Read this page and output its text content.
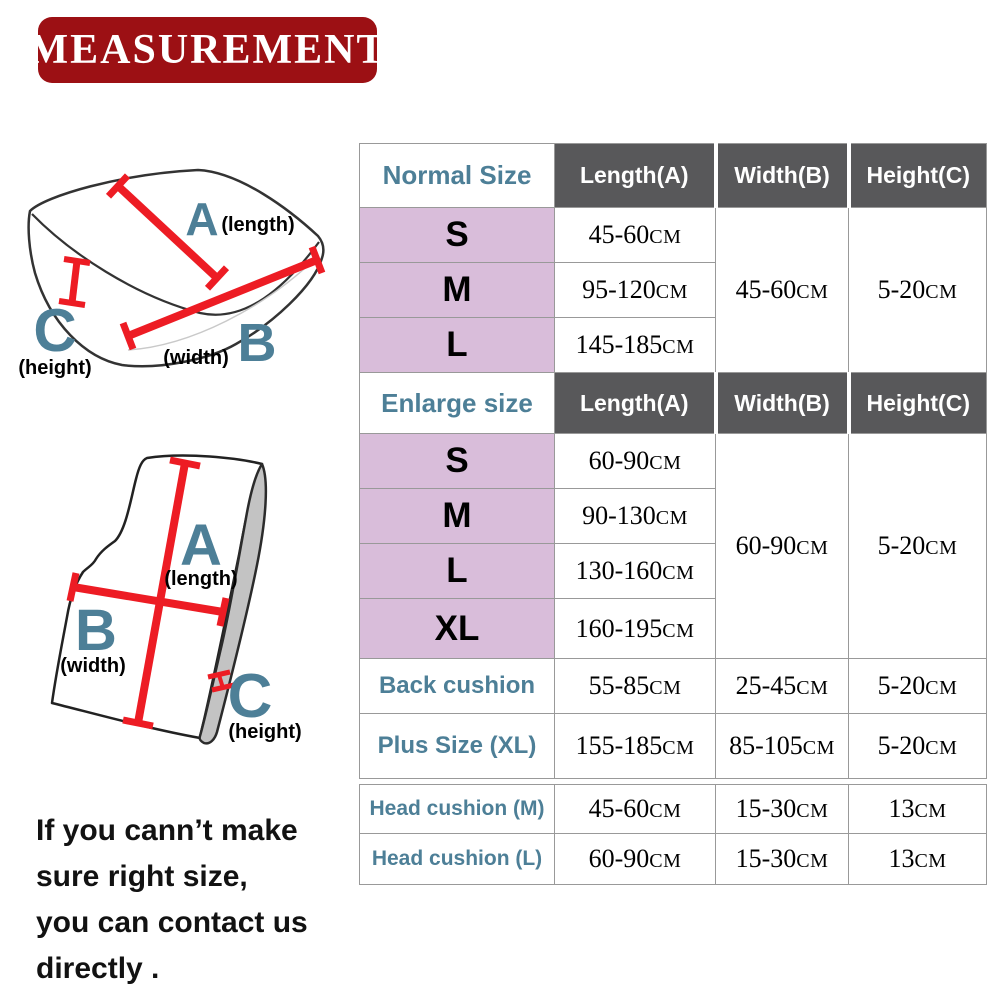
MEASUREMENT
A (length)
B
(width)
C
(height)
A
(length)
B
(width) C
(height)
If you cann’t make
sure right size,
you can contact us
directly .
Normal Size	Length(A)	Width(B)	Height(C)
S	45-60CM	45-60CM	5-20CM
M	95-120CM		
L	145-185CM		
Enlarge size	Length(A)	Width(B)	Height(C)
S	60-90CM	60-90CM	5-20CM
M	90-130CM		
L	130-160CM		
XL	160-195CM		
Back cushion	55-85CM	25-45CM	5-20CM
Plus Size (XL)	155-185CM	85-105CM	5-20CM
Head cushion (M)	45-60CM	15-30CM	13CM
Head cushion (L)	60-90CM	15-30CM	13CM
